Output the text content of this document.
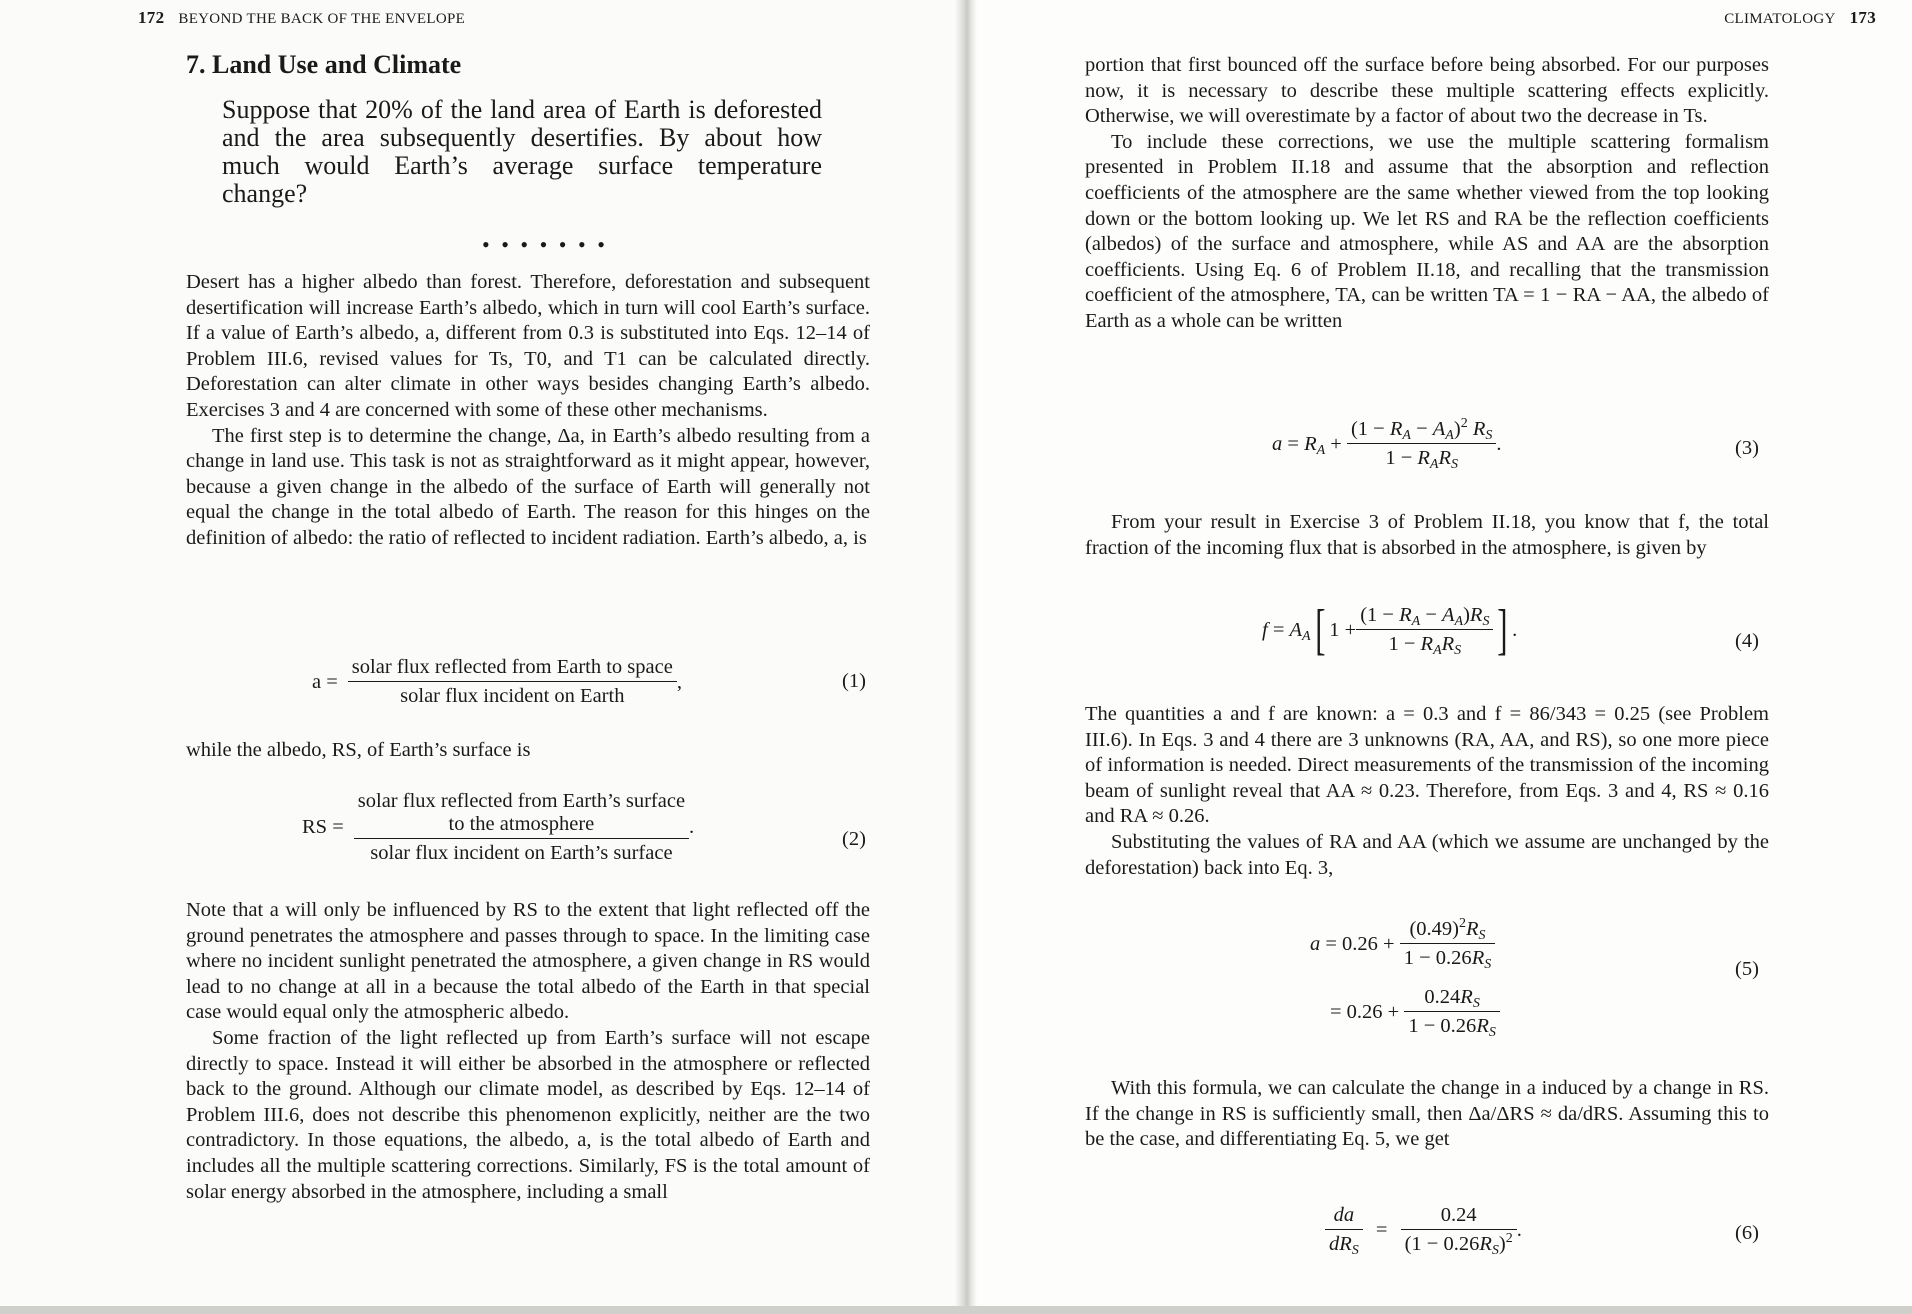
172 BEYOND THE BACK OF THE ENVELOPE
7. Land Use and Climate
Suppose that 20% of the land area of Earth is deforested and the area subsequently desertifies. By about how much would Earth’s average surface temperature change?
• • • • • • •

Desert has a higher albedo than forest. Therefore, deforestation and subsequent desertification will increase Earth’s albedo, which in turn will cool Earth’s surface. If a value of Earth’s albedo, a, different from 0.3 is substituted into Eqs. 12–14 of Problem III.6, revised values for Ts, T0, and T1 can be calculated directly. Deforestation can alter climate in other ways besides changing Earth’s albedo. Exercises 3 and 4 are concerned with some of these other mechanisms.

The first step is to determine the change, Δa, in Earth’s albedo resulting from a change in land use. This task is not as straightforward as it might appear, however, because a given change in the albedo of the surface of Earth will generally not equal the change in the total albedo of Earth. The reason for this hinges on the definition of albedo: the ratio of reflected to incident radiation. Earth’s albedo, a, is

$a = \frac{\text{solar flux reflected from Earth to space}}{\text{solar flux incident on Earth}}$ ,	(1)

while the albedo, RS, of Earth’s surface is

RS =
solar flux reflected from Earth’s surface
to the atmosphere
solar flux incident on Earth’s surface
.
(2)

Note that a will only be influenced by RS to the extent that light reflected off the ground penetrates the atmosphere and passes through to space. In the limiting case where no incident sunlight penetrated the atmosphere, a given change in RS would lead to no change at all in a because the total albedo of the Earth in that special case would equal only the atmospheric albedo.

Some fraction of the light reflected up from Earth’s surface will not escape directly to space. Instead it will either be absorbed in the atmosphere or reflected back to the ground. Although our climate model, as described by Eqs. 12–14 of Problem III.6, does not describe this phenomenon explicitly, neither are the two contradictory. In those equations, the albedo, a, is the total albedo of Earth and includes all the multiple scattering corrections. Similarly, FS is the total amount of solar energy absorbed in the atmosphere, including a small

CLIMATOLOGY 173

portion that first bounced off the surface before being absorbed. For our purposes now, it is necessary to describe these multiple scattering effects explicitly. Otherwise, we will overestimate by a factor of about two the decrease in Ts.

To include these corrections, we use the multiple scattering formalism presented in Problem II.18 and assume that the absorption and reflection coefficients of the atmosphere are the same whether viewed from the top looking down or the bottom looking up. We let RS and RA be the reflection coefficients (albedos) of the surface and atmosphere, while AS and AA are the absorption coefficients. Using Eq. 6 of Problem II.18, and recalling that the transmission coefficient of the atmosphere, TA, can be written TA = 1 − RA − AA, the albedo of Earth as a whole can be written

$a = R_A + \frac{(1 - R_A - A_A)^2 R_S}{1 - R_AR_S}$ .	(3)

From your result in Exercise 3 of Problem II.18, you know that f, the total fraction of the incoming flux that is absorbed in the atmosphere, is given by

$f = A_A$[ $1 + \frac{(1 - R_A - A_A)R_S}{1 - R_AR_S}$ ] .
(4)

The quantities a and f are known: a = 0.3 and f = 86/343 = 0.25 (see Problem III.6). In Eqs. 3 and 4 there are 3 unknowns (RA, AA, and RS), so one more piece of information is needed. Direct measurements of the transmission of the incoming beam of sunlight reveal that AA ≈ 0.23. Therefore, from Eqs. 3 and 4, RS ≈ 0.16 and RA ≈ 0.26.

Substituting the values of RA and AA (which we assume are unchanged by the deforestation) back into Eq. 3,

$a = 0.26 + \frac{(0.49)^2R_S}{1 - 0.26R_S}$
= $0.26 + \frac{0.24R_S}{1 - 0.26R_S}$
(5)

With this formula, we can calculate the change in a induced by a change in RS. If the change in RS is sufficiently small, then Δa/ΔRS ≈ da/dRS. Assuming this to be the case, and differentiating Eq. 5, we get

$\frac{da}{dR_S} = \frac{0.24}{(1 - 0.26R_S)^2}$ .	(6)
